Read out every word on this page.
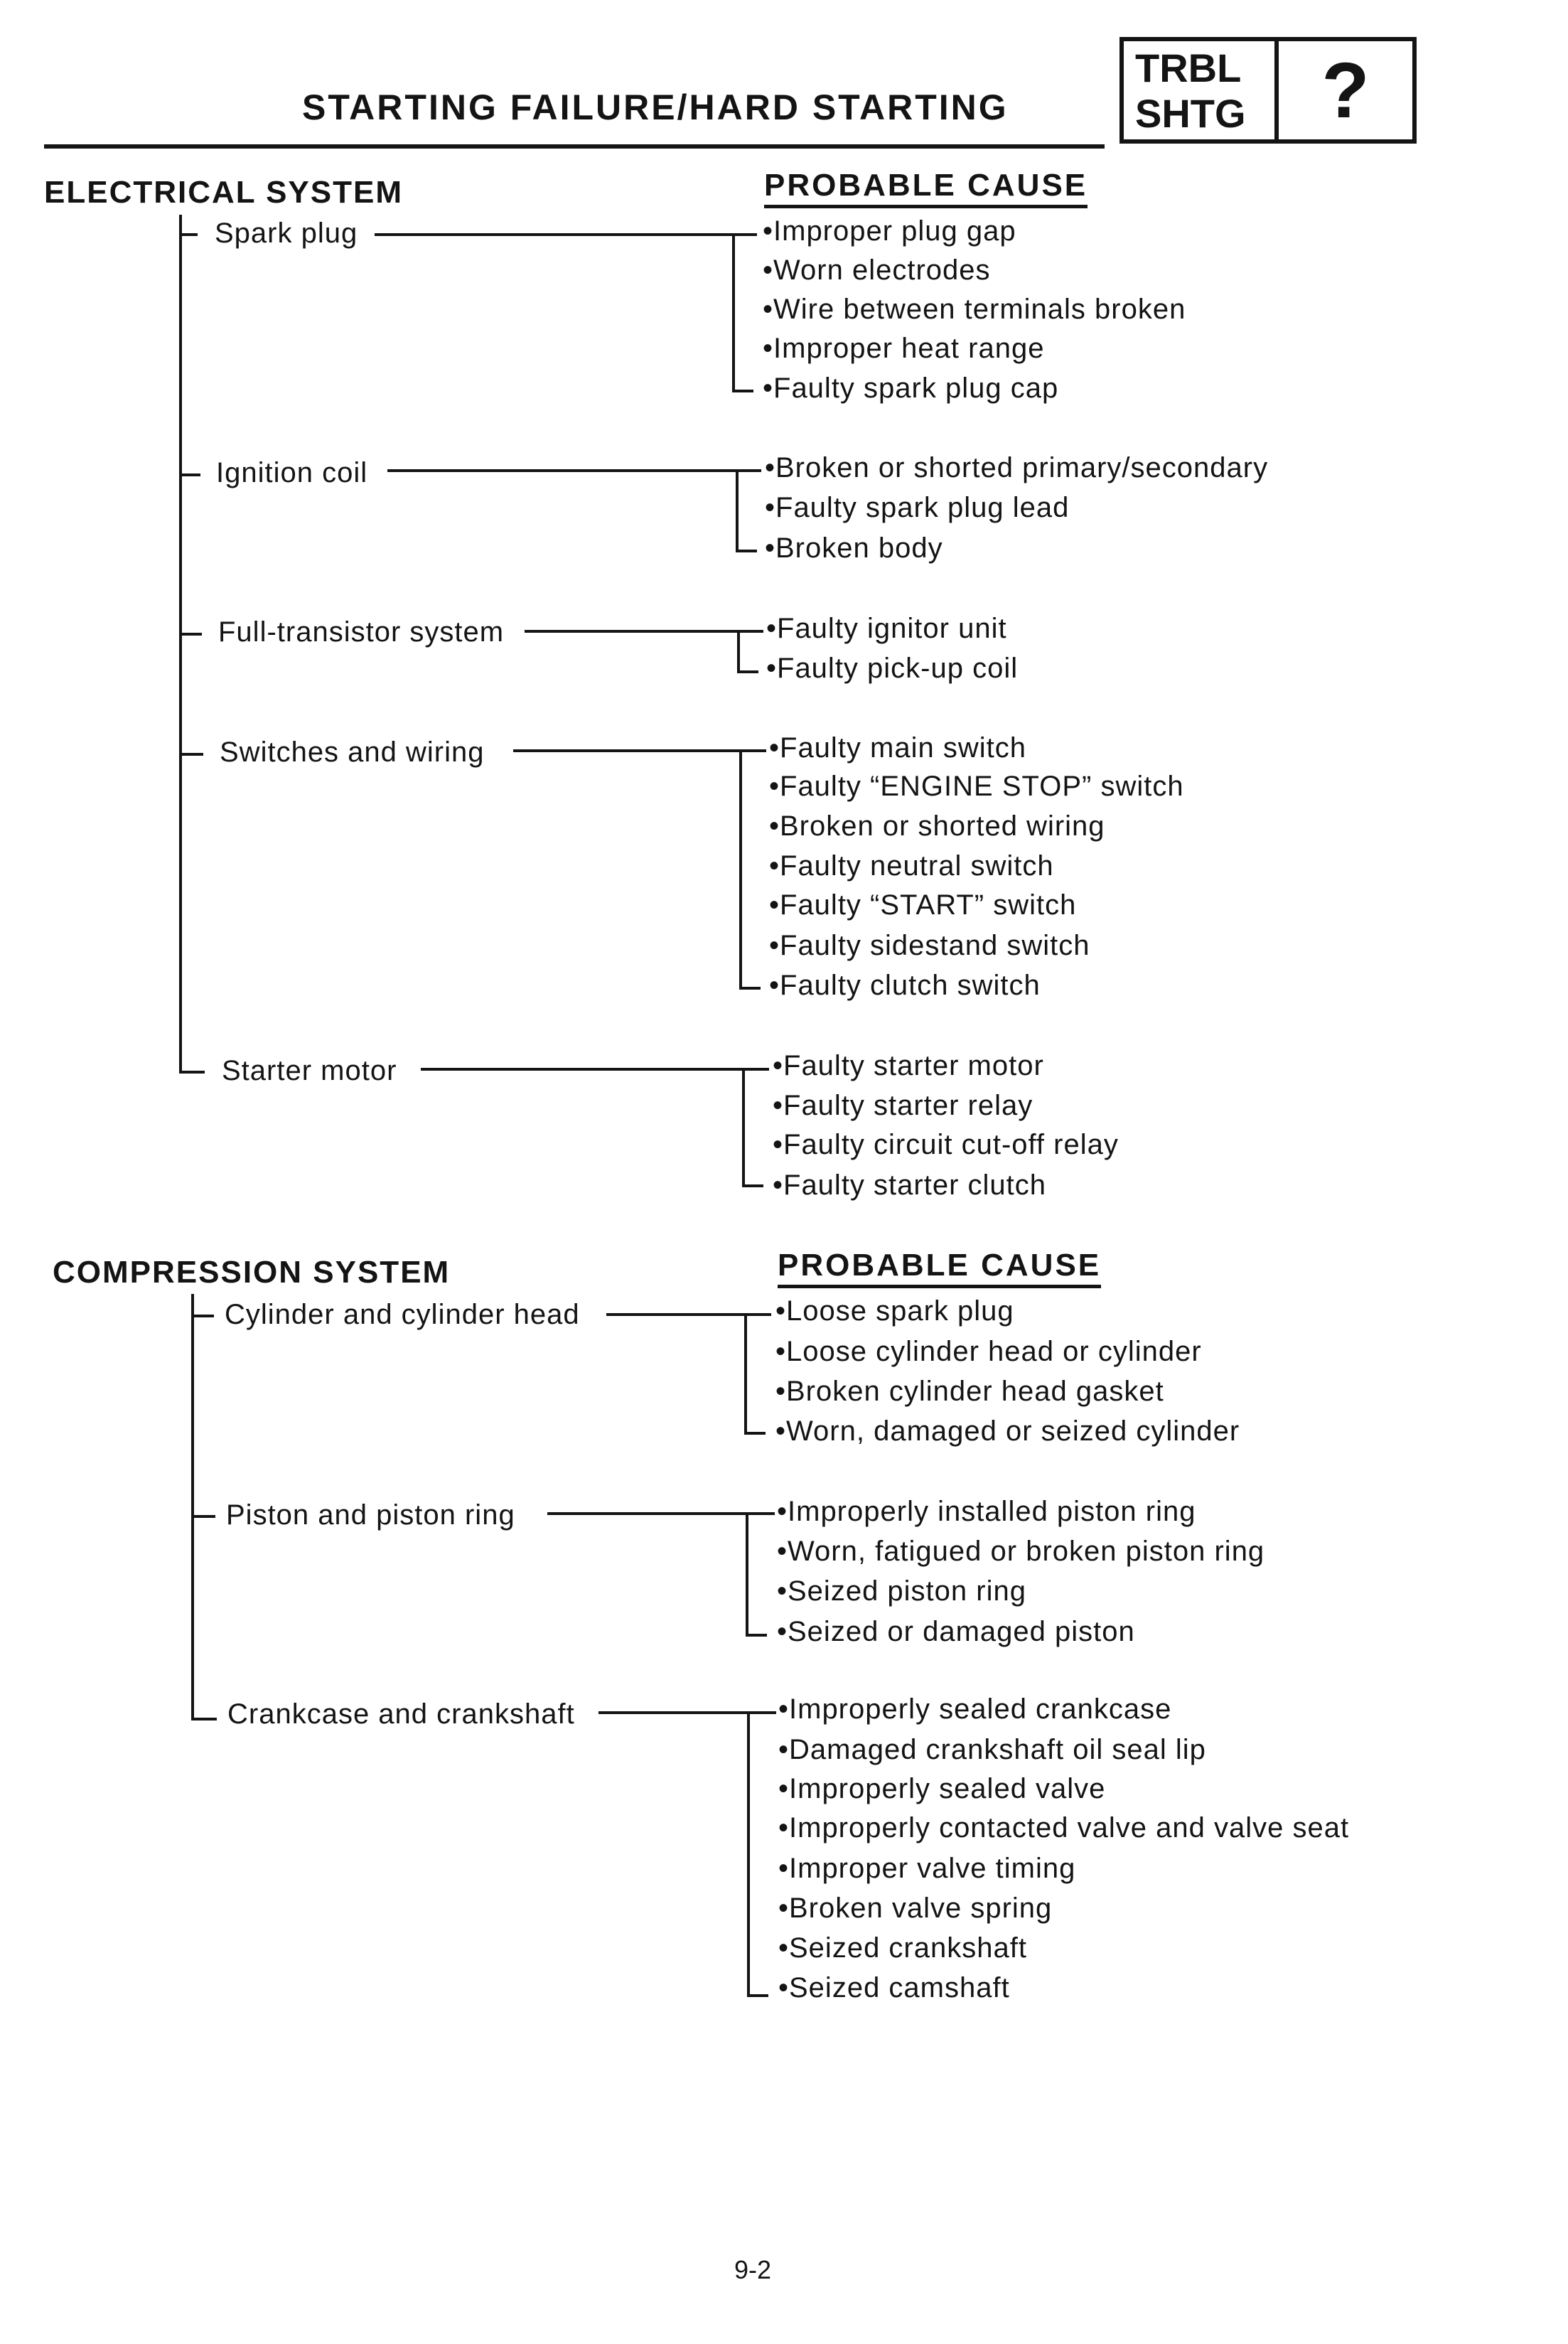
STARTING FAILURE/HARD STARTING
TRBL
SHTG ?
ELECTRICAL SYSTEM	PROBABLE CAUSE
Spark plug	•Improper plug gap
•Worn electrodes
•Wire between terminals broken
•Improper heat range
•Faulty spark plug cap
Ignition coil	•Broken or shorted primary/secondary
•Faulty spark plug lead
•Broken body
Full-transistor system	•Faulty ignitor unit
•Faulty pick-up coil
Switches and wiring	•Faulty main switch
•Faulty “ENGINE STOP” switch
•Broken or shorted wiring
•Faulty neutral switch
•Faulty “START” switch
•Faulty sidestand switch
•Faulty clutch switch
Starter motor	•Faulty starter motor
•Faulty starter relay
•Faulty circuit cut-off relay
•Faulty starter clutch
COMPRESSION SYSTEM	PROBABLE CAUSE
Cylinder and cylinder head	•Loose spark plug
•Loose cylinder head or cylinder
•Broken cylinder head gasket
•Worn, damaged or seized cylinder
Piston and piston ring	•Improperly installed piston ring
•Worn, fatigued or broken piston ring
•Seized piston ring
•Seized or damaged piston
Crankcase and crankshaft	•Improperly sealed crankcase
•Damaged crankshaft oil seal lip
•Improperly sealed valve
•Improperly contacted valve and valve seat
•Improper valve timing
•Broken valve spring
•Seized crankshaft
•Seized camshaft
9-2
